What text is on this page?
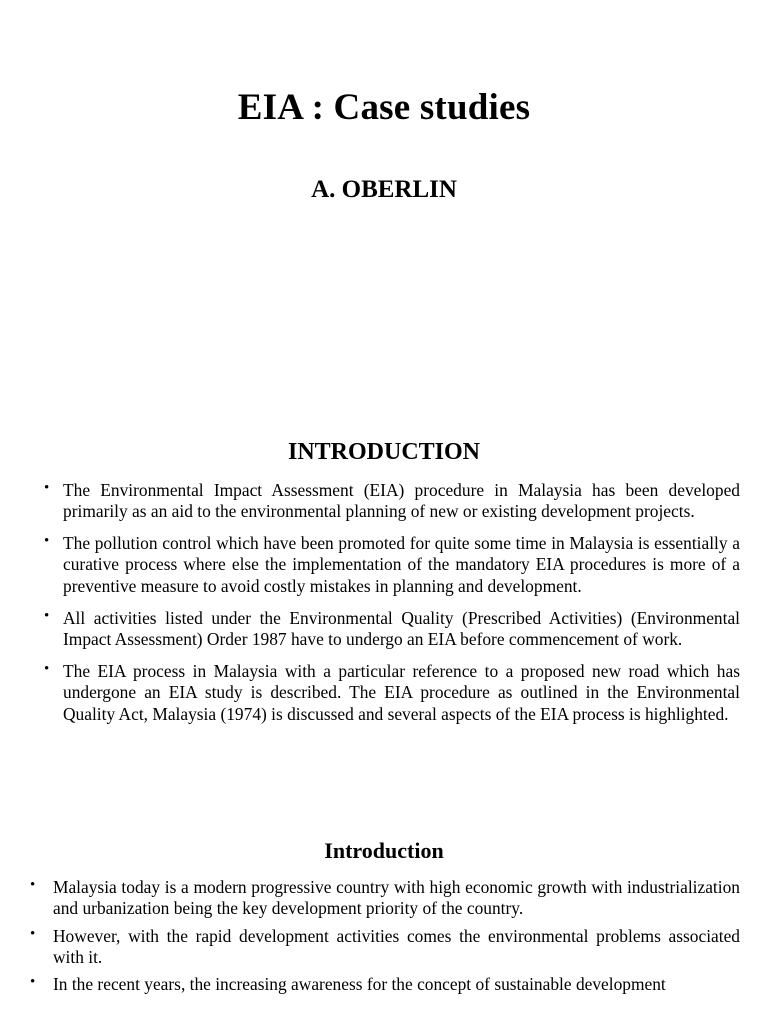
EIA : Case studies
A. OBERLIN
INTRODUCTION
• The Environmental Impact Assessment (EIA) procedure in Malaysia has been developed primarily as an aid to the environmental planning of new or existing development projects.
• The pollution control which have been promoted for quite some time in Malaysia is essentially a curative process where else the implementation of the mandatory EIA procedures is more of a preventive measure to avoid costly mistakes in planning and development.
• All activities listed under the Environmental Quality (Prescribed Activities) (Environmental Impact Assessment) Order 1987 have to undergo an EIA before commencement of work.
• The EIA process in Malaysia with a particular reference to a proposed new road which has undergone an EIA study is described. The EIA procedure as outlined in the Environmental Quality Act, Malaysia (1974) is discussed and several aspects of the EIA process is highlighted.
Introduction
• Malaysia today is a modern progressive country with high economic growth with industrialization and urbanization being the key development priority of the country.
• However, with the rapid development activities comes the environmental problems associated with it.
• In the recent years, the increasing awareness for the concept of sustainable development
